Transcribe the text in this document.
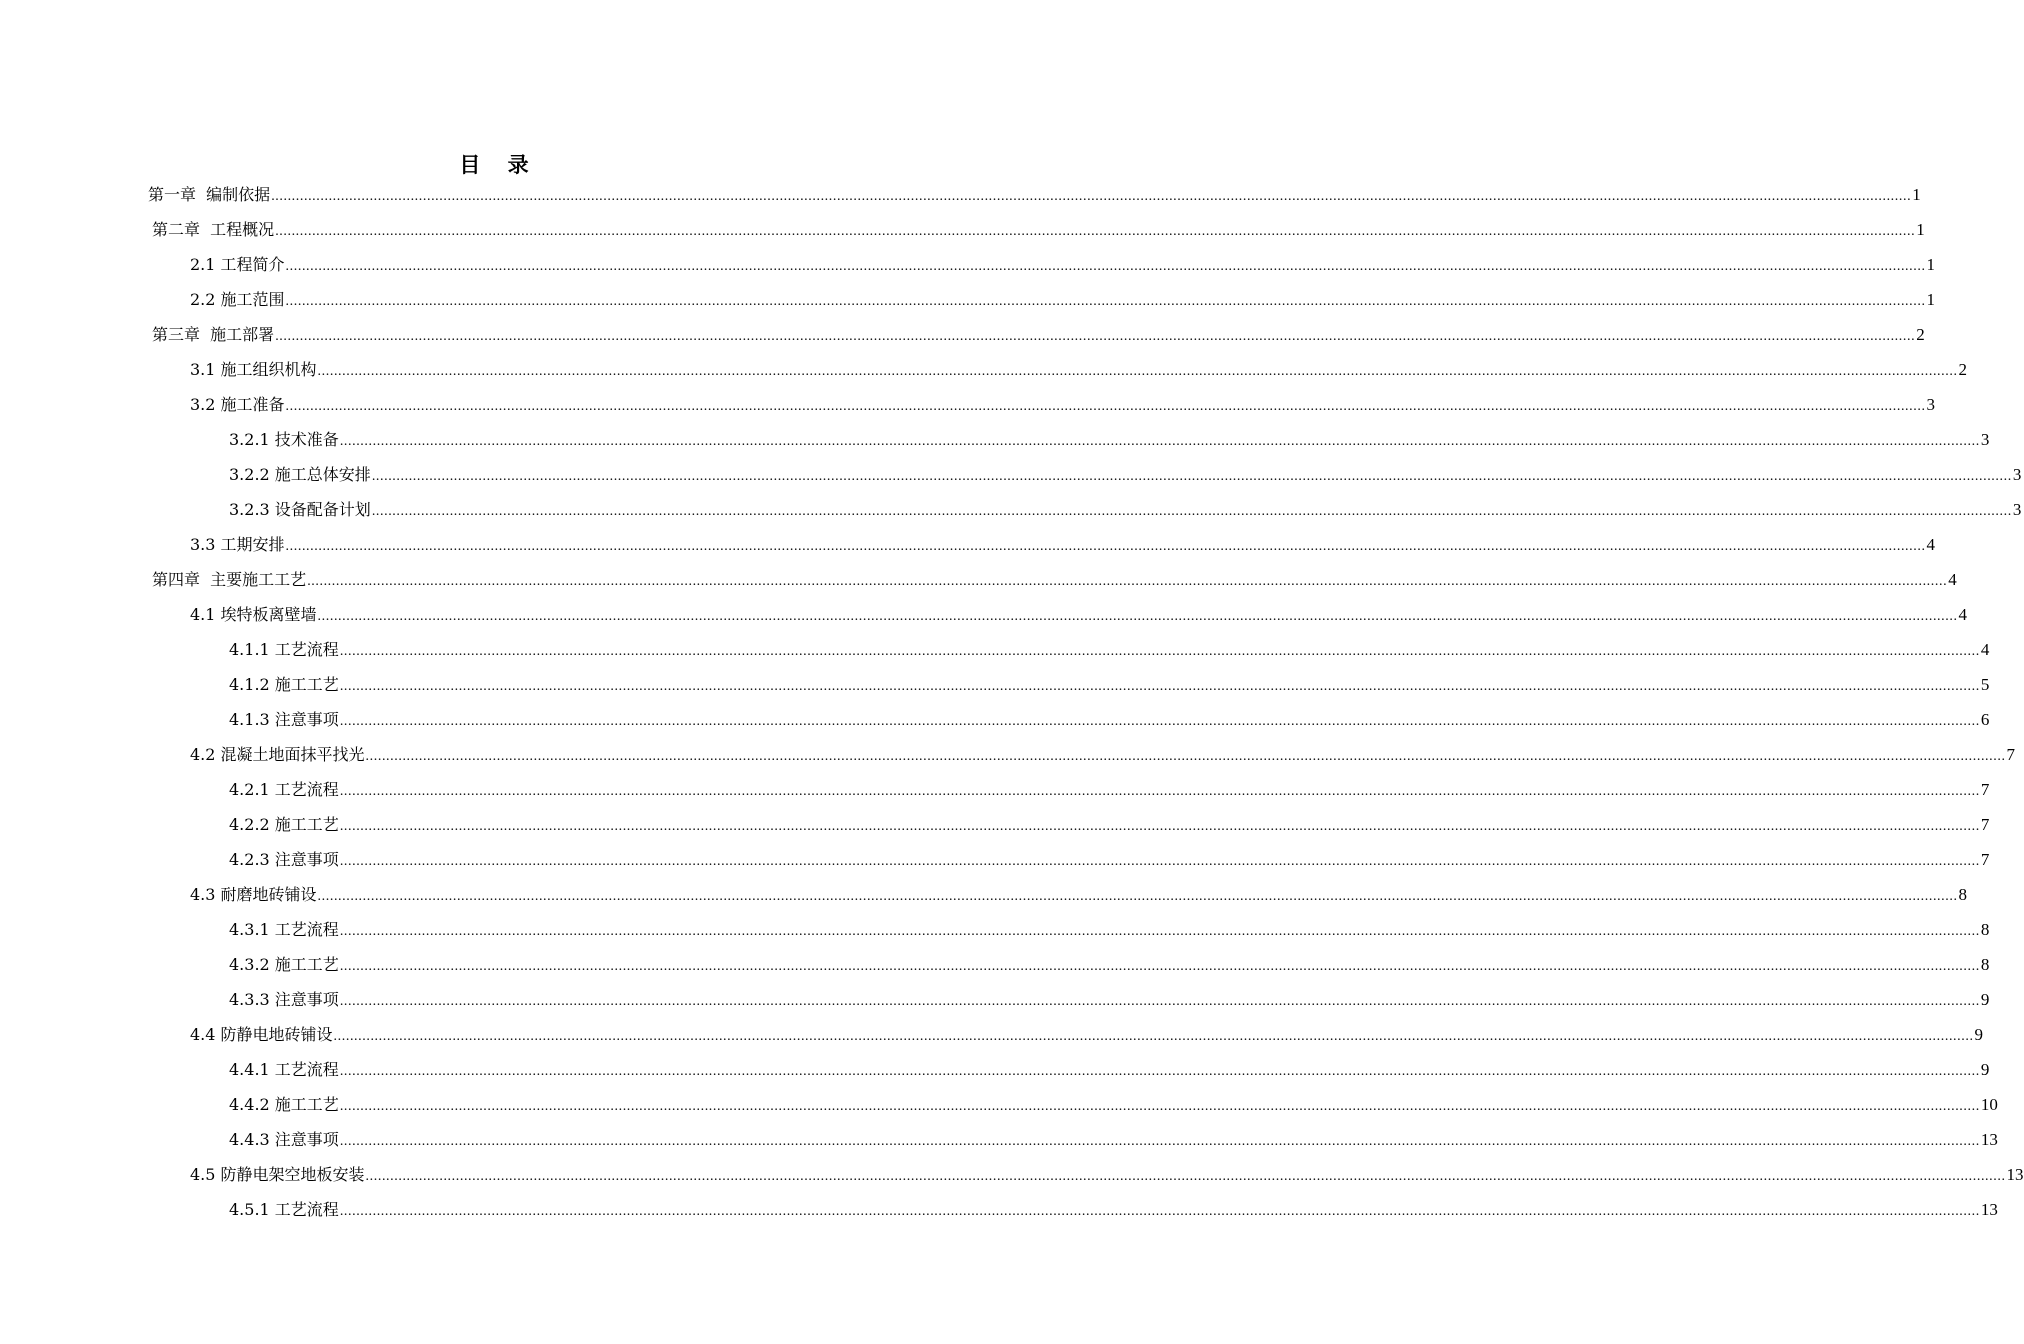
目 录
第一章  编制依据 ................................................................................................................................................................................................................................................................................................................................................................................................................ 1
第二章  工程概况 ................................................................................................................................................................................................................................................................................................................................................................................................................ 1
2.1 工程简介 ................................................................................................................................................................................................................................................................................................................................................................................................................ 1
2.2 施工范围 ................................................................................................................................................................................................................................................................................................................................................................................................................ 1
第三章  施工部署 ................................................................................................................................................................................................................................................................................................................................................................................................................ 2
3.1 施工组织机构 ................................................................................................................................................................................................................................................................................................................................................................................................................ 2
3.2 施工准备 ................................................................................................................................................................................................................................................................................................................................................................................................................ 3
3.2.1 技术准备 ................................................................................................................................................................................................................................................................................................................................................................................................................ 3
3.2.2 施工总体安排 ................................................................................................................................................................................................................................................................................................................................................................................................................ 3
3.2.3 设备配备计划 ................................................................................................................................................................................................................................................................................................................................................................................................................ 3
3.3 工期安排 ................................................................................................................................................................................................................................................................................................................................................................................................................ 4
第四章  主要施工工艺 ................................................................................................................................................................................................................................................................................................................................................................................................................ 4
4.1 埃特板离壁墙 ................................................................................................................................................................................................................................................................................................................................................................................................................ 4
4.1.1 工艺流程 ................................................................................................................................................................................................................................................................................................................................................................................................................ 4
4.1.2 施工工艺 ................................................................................................................................................................................................................................................................................................................................................................................................................ 5
4.1.3 注意事项 ................................................................................................................................................................................................................................................................................................................................................................................................................ 6
4.2 混凝土地面抹平找光 ................................................................................................................................................................................................................................................................................................................................................................................................................ 7
4.2.1 工艺流程 ................................................................................................................................................................................................................................................................................................................................................................................................................ 7
4.2.2 施工工艺 ................................................................................................................................................................................................................................................................................................................................................................................................................ 7
4.2.3 注意事项 ................................................................................................................................................................................................................................................................................................................................................................................................................ 7
4.3 耐磨地砖铺设 ................................................................................................................................................................................................................................................................................................................................................................................................................ 8
4.3.1 工艺流程 ................................................................................................................................................................................................................................................................................................................................................................................................................ 8
4.3.2 施工工艺 ................................................................................................................................................................................................................................................................................................................................................................................................................ 8
4.3.3 注意事项 ................................................................................................................................................................................................................................................................................................................................................................................................................ 9
4.4 防静电地砖铺设 ................................................................................................................................................................................................................................................................................................................................................................................................................ 9
4.4.1 工艺流程 ................................................................................................................................................................................................................................................................................................................................................................................................................ 9
4.4.2 施工工艺 ................................................................................................................................................................................................................................................................................................................................................................................................................ 10
4.4.3 注意事项 ................................................................................................................................................................................................................................................................................................................................................................................................................ 13
4.5 防静电架空地板安装 ................................................................................................................................................................................................................................................................................................................................................................................................................ 13
4.5.1 工艺流程 ................................................................................................................................................................................................................................................................................................................................................................................................................ 13
